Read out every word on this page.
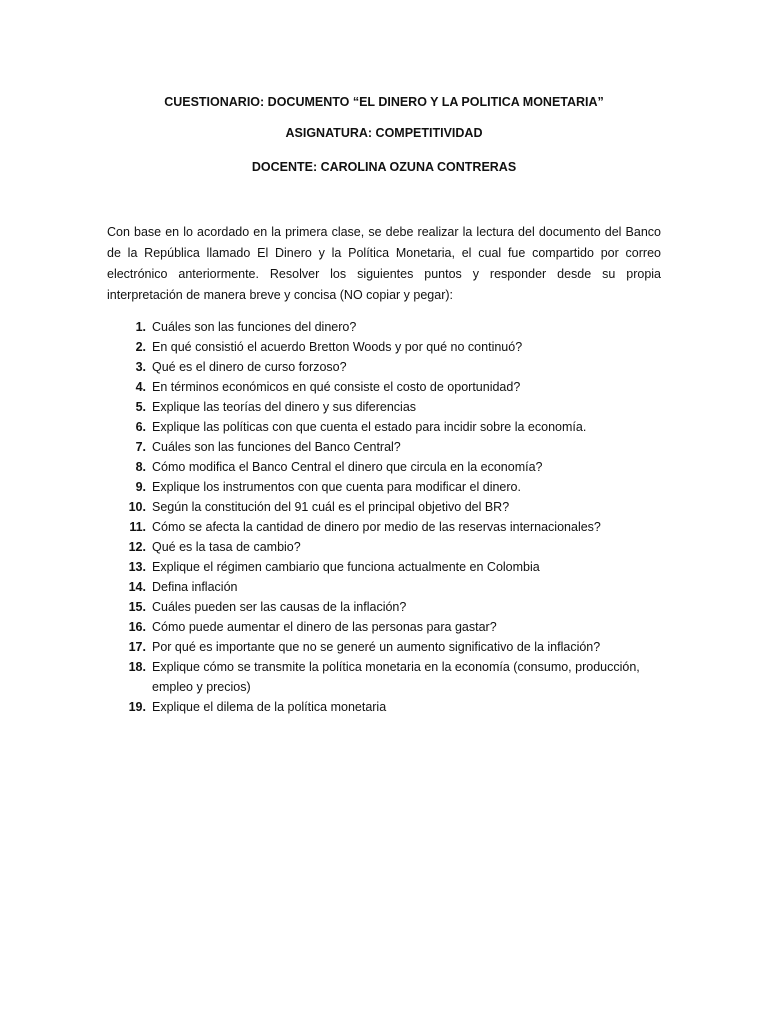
CUESTIONARIO: DOCUMENTO “EL DINERO Y LA POLITICA MONETARIA”
ASIGNATURA: COMPETITIVIDAD
DOCENTE: CAROLINA OZUNA CONTRERAS

Con base en lo acordado en la primera clase, se debe realizar la lectura del documento del Banco de la República llamado El Dinero y la Política Monetaria, el cual fue compartido por correo electrónico anteriormente. Resolver los siguientes puntos y responder desde su propia interpretación de manera breve y concisa (NO copiar y pegar):

1. Cuáles son las funciones del dinero?
2. En qué consistió el acuerdo Bretton Woods y por qué no continuó?
3. Qué es el dinero de curso forzoso?
4. En términos económicos en qué consiste el costo de oportunidad?
5. Explique las teorías del dinero y sus diferencias
6. Explique las políticas con que cuenta el estado para incidir sobre la economía.
7. Cuáles son las funciones del Banco Central?
8. Cómo modifica el Banco Central el dinero que circula en la economía?
9. Explique los instrumentos con que cuenta para modificar el dinero.
10. Según la constitución del 91 cuál es el principal objetivo del BR?
11. Cómo se afecta la cantidad de dinero por medio de las reservas internacionales?
12. Qué es la tasa de cambio?
13. Explique el régimen cambiario que funciona actualmente en Colombia
14. Defina inflación
15. Cuáles pueden ser las causas de la inflación?
16. Cómo puede aumentar el dinero de las personas para gastar?
17. Por qué es importante que no se generé un aumento significativo de la inflación?
18. Explique cómo se transmite la política monetaria en la economía (consumo, producción, empleo y precios)
19. Explique el dilema de la política monetaria
